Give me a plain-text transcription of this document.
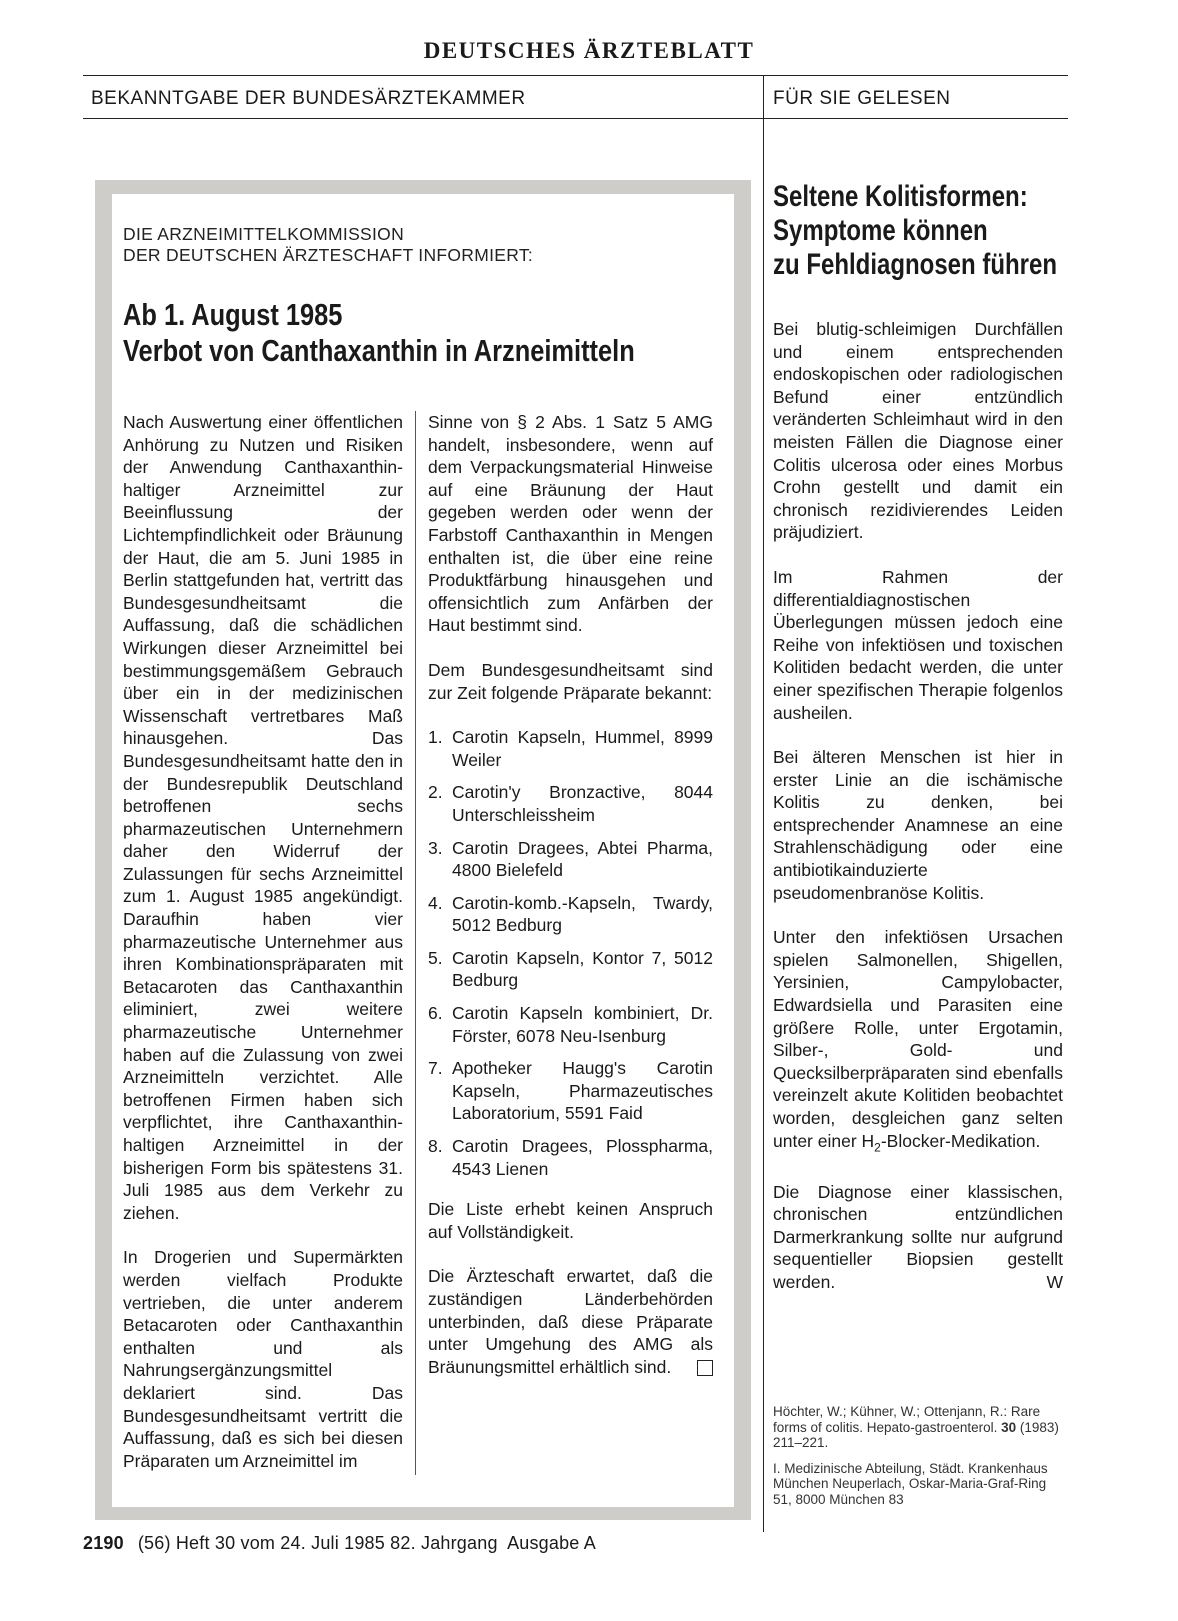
DEUTSCHES ÄRZTEBLATT
BEKANNTGABE DER BUNDESÄRZTEKAMMER	FÜR SIE GELESEN
DIE ARZNEIMITTELKOMMISSION
DER DEUTSCHEN ÄRZTESCHAFT INFORMIERT:
Ab 1. August 1985
Verbot von Canthaxanthin in Arzneimitteln

Nach Auswertung einer öffentlichen Anhörung zu Nutzen und Risiken der Anwendung Canthaxanthin-haltiger Arzneimittel zur Beeinflussung der Lichtempfindlichkeit oder Bräunung der Haut, die am 5. Juni 1985 in Berlin stattgefunden hat, vertritt das Bundesgesundheitsamt die Auffassung, daß die schädlichen Wirkungen dieser Arzneimittel bei bestimmungsgemäßem Gebrauch über ein in der medizinischen Wissenschaft vertretbares Maß hinausgehen. Das Bundesgesundheitsamt hatte den in der Bundesrepublik Deutschland betroffenen sechs pharmazeutischen Unternehmern daher den Widerruf der Zulassungen für sechs Arzneimittel zum 1. August 1985 angekündigt. Daraufhin haben vier pharmazeutische Unternehmer aus ihren Kombinationspräparaten mit Betacaroten das Canthaxanthin eliminiert, zwei weitere pharmazeutische Unternehmer haben auf die Zulassung von zwei Arzneimitteln verzichtet. Alle betroffenen Firmen haben sich verpflichtet, ihre Canthaxanthin-haltigen Arzneimittel in der bisherigen Form bis spätestens 31. Juli 1985 aus dem Verkehr zu ziehen.

In Drogerien und Supermärkten werden vielfach Produkte vertrieben, die unter anderem Betacaroten oder Canthaxanthin enthalten und als Nahrungsergänzungsmittel deklariert sind. Das Bundesgesundheitsamt vertritt die Auffassung, daß es sich bei diesen Präparaten um Arzneimittel im

Sinne von § 2 Abs. 1 Satz 5 AMG handelt, insbesondere, wenn auf dem Verpackungsmaterial Hinweise auf eine Bräunung der Haut gegeben werden oder wenn der Farbstoff Canthaxanthin in Mengen enthalten ist, die über eine reine Produktfärbung hinausgehen und offensichtlich zum Anfärben der Haut bestimmt sind.

Dem Bundesgesundheitsamt sind zur Zeit folgende Präparate bekannt:

1. Carotin Kapseln, Hummel, 8999 Weiler
2. Carotin'y Bronzactive, 8044 Unterschleissheim
3. Carotin Dragees, Abtei Pharma, 4800 Bielefeld
4. Carotin-komb.-Kapseln, Twardy, 5012 Bedburg
5. Carotin Kapseln, Kontor 7, 5012 Bedburg
6. Carotin Kapseln kombiniert, Dr. Förster, 6078 Neu-Isenburg
7. Apotheker Haugg's Carotin Kapseln, Pharmazeutisches Laboratorium, 5591 Faid
8. Carotin Dragees, Plosspharma, 4543 Lienen

Die Liste erhebt keinen Anspruch auf Vollständigkeit.

Die Ärzteschaft erwartet, daß die zuständigen Länderbehörden unterbinden, daß diese Präparate unter Umgehung des AMG als Bräunungsmittel erhältlich sind.

Seltene Kolitisformen:
Symptome können
zu Fehldiagnosen führen

Bei blutig-schleimigen Durchfällen und einem entsprechenden endoskopischen oder radiologischen Befund einer entzündlich veränderten Schleimhaut wird in den meisten Fällen die Diagnose einer Colitis ulcerosa oder eines Morbus Crohn gestellt und damit ein chronisch rezidivierendes Leiden präjudiziert.

Im Rahmen der differentialdiagnostischen Überlegungen müssen jedoch eine Reihe von infektiösen und toxischen Kolitiden bedacht werden, die unter einer spezifischen Therapie folgenlos ausheilen.

Bei älteren Menschen ist hier in erster Linie an die ischämische Kolitis zu denken, bei entsprechender Anamnese an eine Strahlenschädigung oder eine antibiotikainduzierte pseudomenbranöse Kolitis.

Unter den infektiösen Ursachen spielen Salmonellen, Shigellen, Yersinien, Campylobacter, Edwardsiella und Parasiten eine größere Rolle, unter Ergotamin, Silber-, Gold- und Quecksilberpräparaten sind ebenfalls vereinzelt akute Kolitiden beobachtet worden, desgleichen ganz selten unter einer $H_2-Blocker$-Medikation.

Die Diagnose einer klassischen, chronischen entzündlichen Darmerkrankung sollte nur aufgrund sequentieller Biopsien gestellt werden.	W

Höchter, W.; Kühner, W.; Ottenjann, R.: Rare forms of colitis. Hepato-gastroenterol. 30 (1983) 211–221.

I. Medizinische Abteilung, Städt. Krankenhaus München Neuperlach, Oskar-Maria-Graf-Ring 51, 8000 München 83

2190 (56) Heft 30 vom 24. Juli 1985 82. Jahrgang  Ausgabe A
